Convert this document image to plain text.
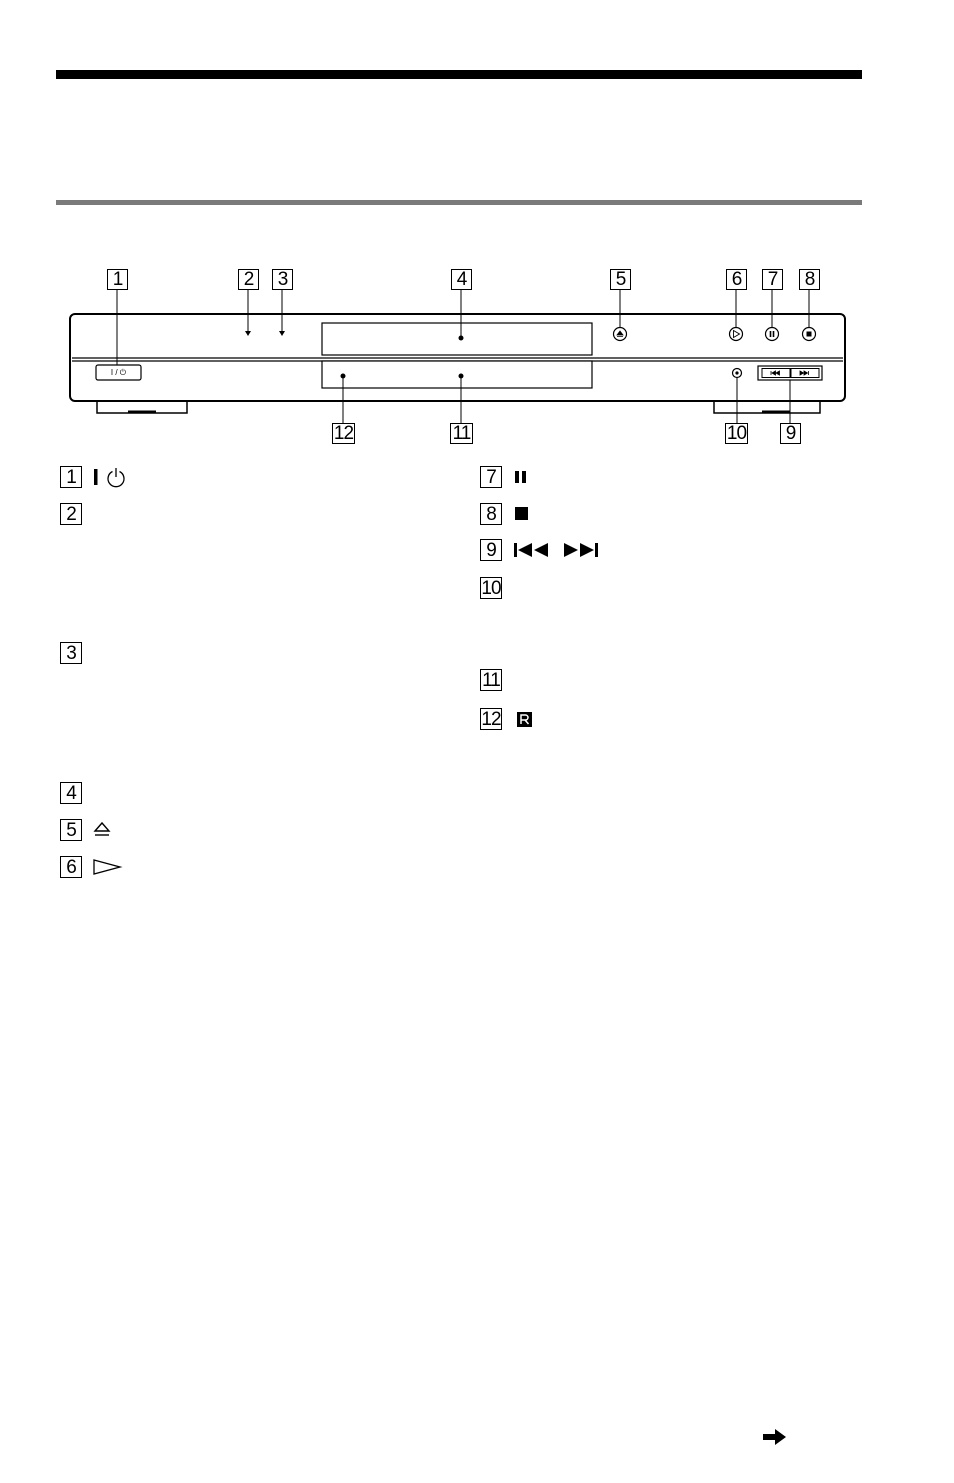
I / ⏻
1	2	3	4	5	6	7	8
12	11	10	9
1
2
3
4
5
6
7
8
9
10
11
12
